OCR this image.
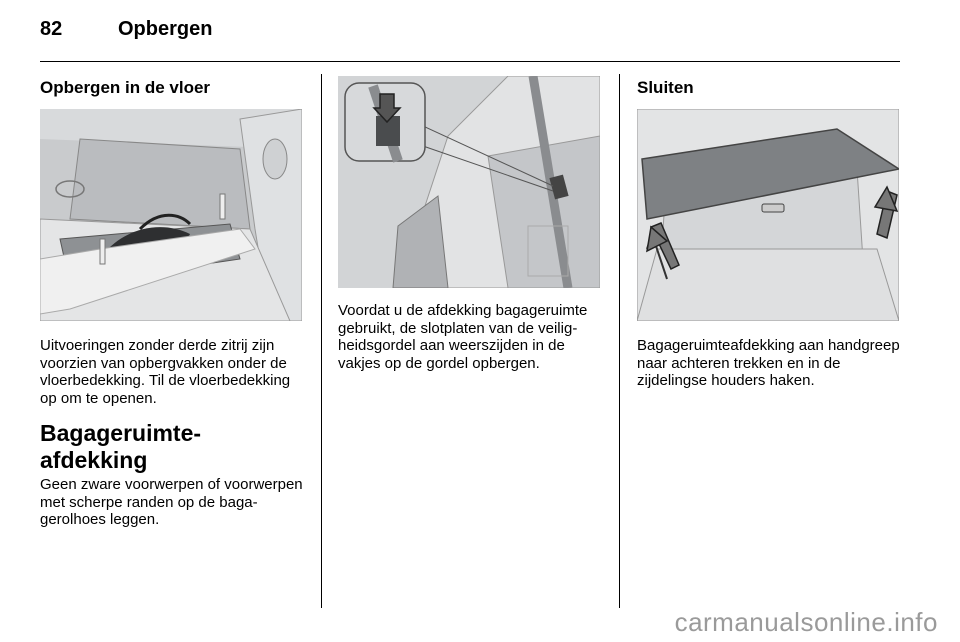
82	Opbergen
Opbergen in de vloer
Uitvoeringen zonder derde zitrij zijn voorzien van opbergvakken onder de vloerbedekking. Til de vloerbedekking op om te openen.
Bagageruimte-afdekking
Geen zware voorwerpen of voorwerpen met scherpe randen op de bagagerolhoes leggen.
Voordat u de afdekking bagageruimte gebruikt, de slotplaten van de veiligheidsgordel aan weerszijden in de vakjes op de gordel opbergen.
Sluiten
Bagageruimteafdekking aan handgreep naar achteren trekken en in de zijdelingse houders haken.
carmanualsonline.info
